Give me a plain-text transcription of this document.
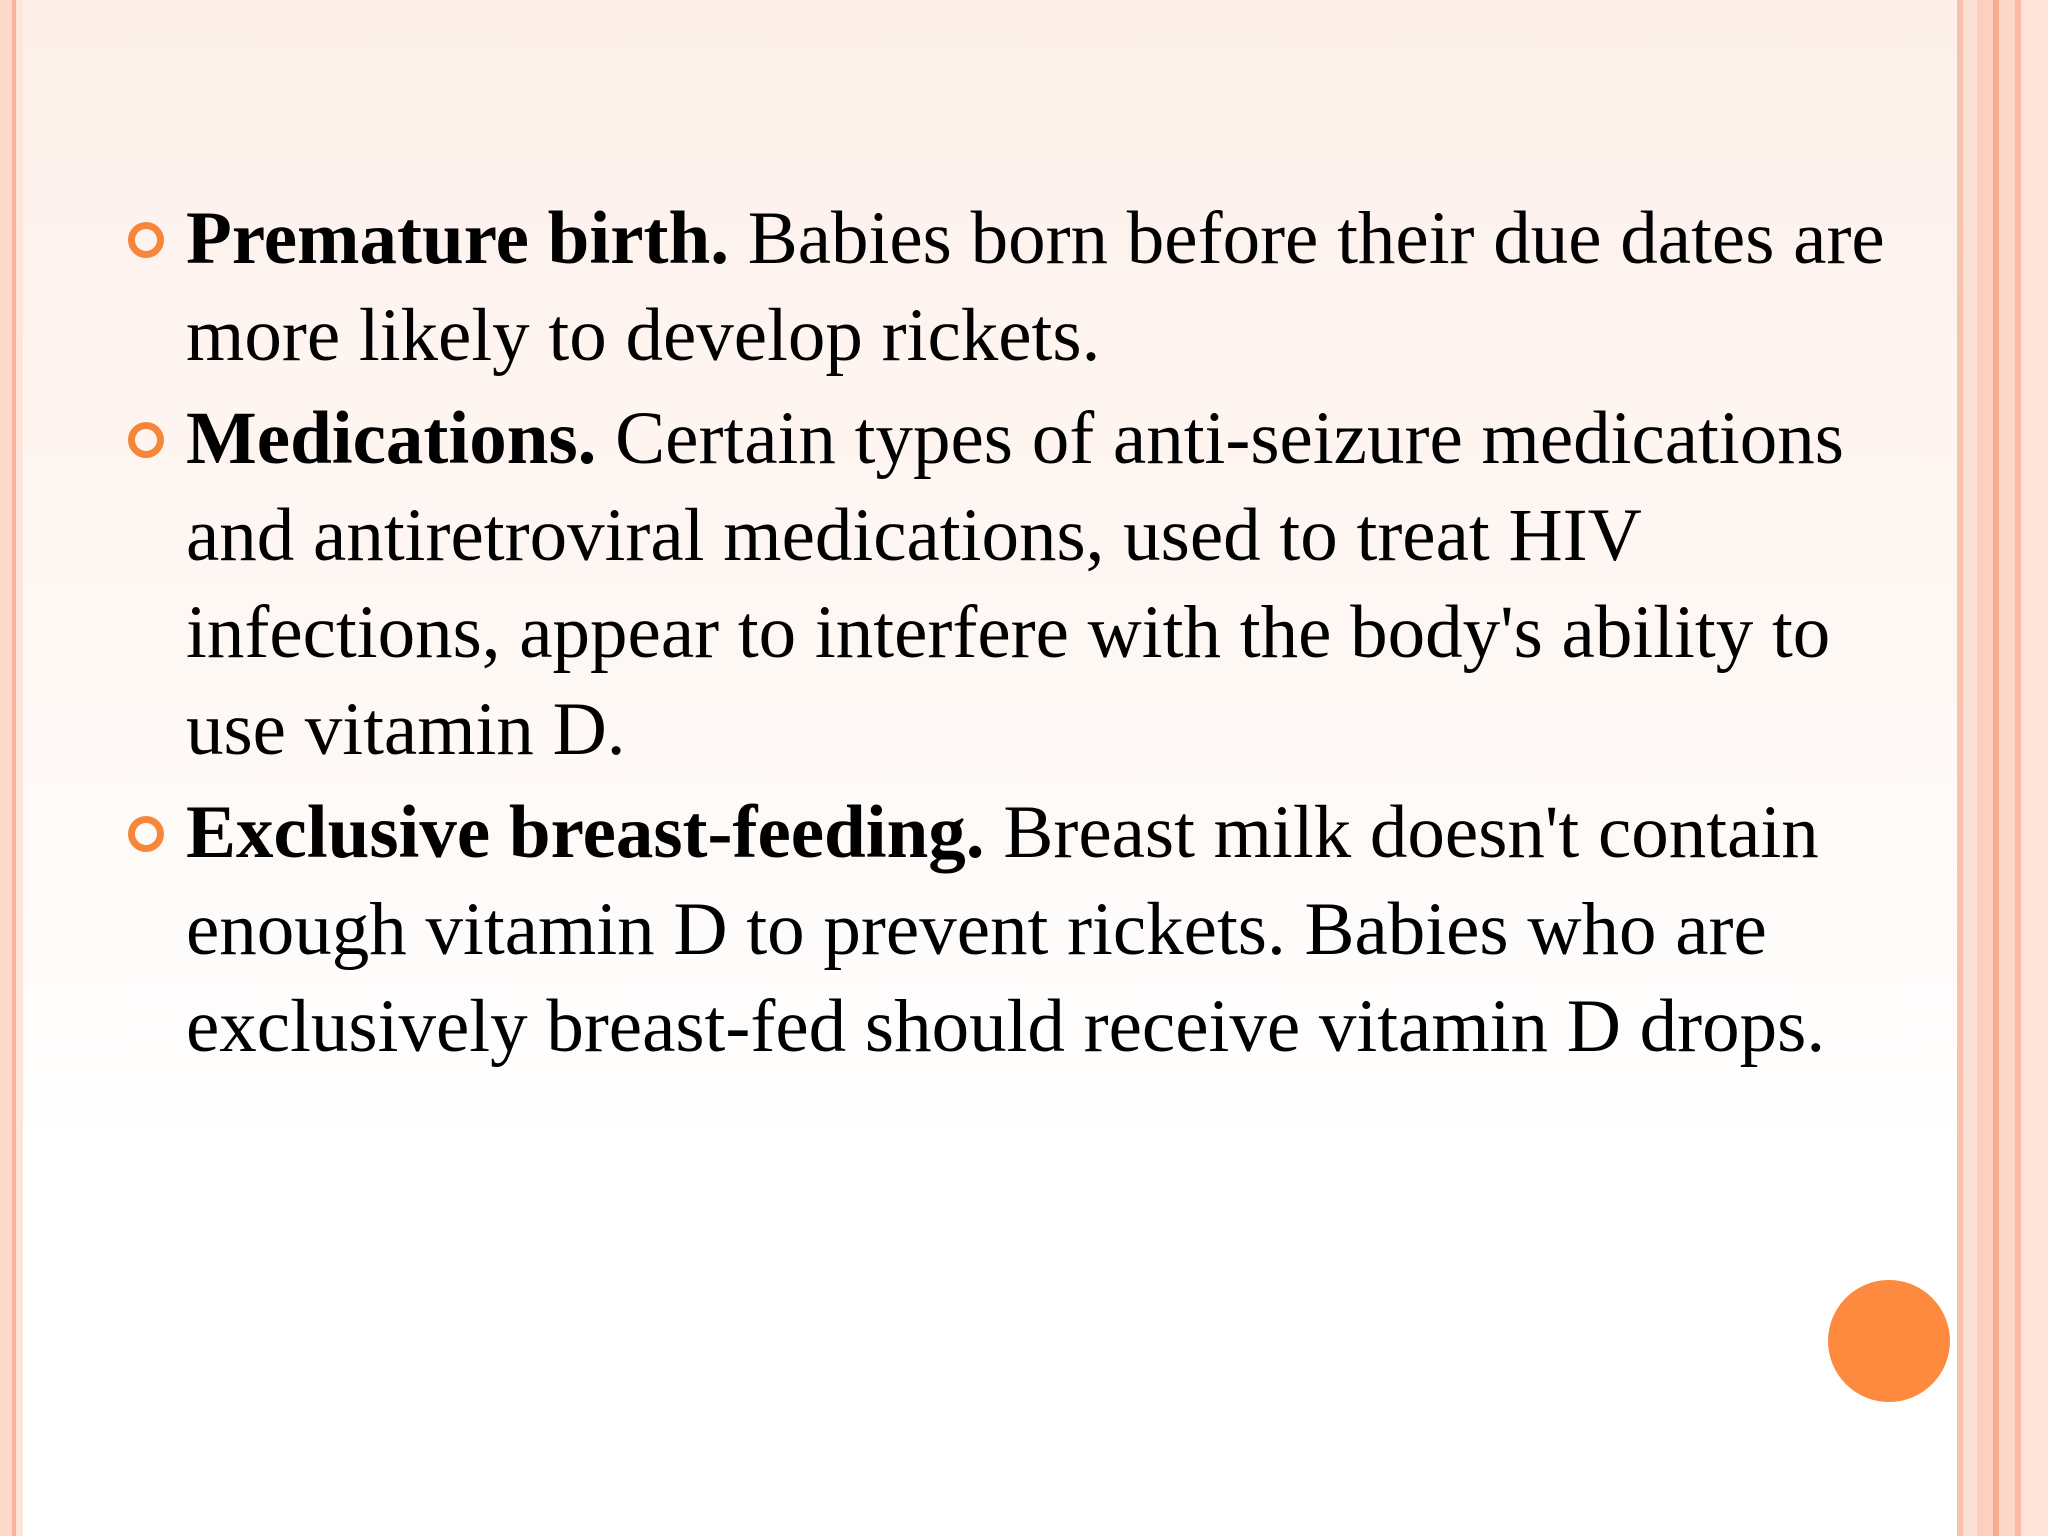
Premature birth. Babies born before their due dates are more likely to develop rickets.
Medications. Certain types of anti-seizure medications and antiretroviral medications, used to treat HIV infections, appear to interfere with the body's ability to use vitamin D.
Exclusive breast-feeding. Breast milk doesn't contain enough vitamin D to prevent rickets. Babies who are exclusively breast-fed should receive vitamin D drops.
